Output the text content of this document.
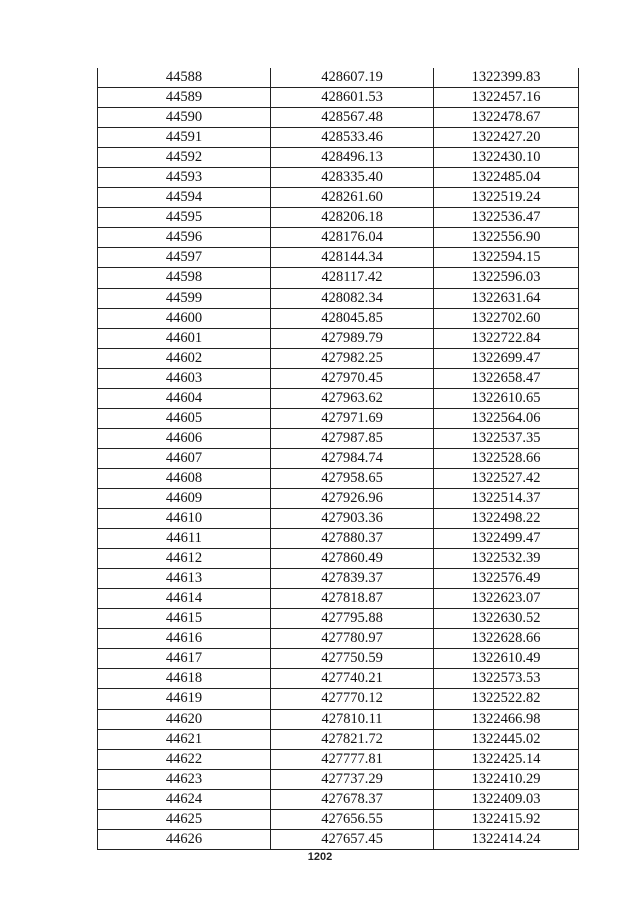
44588	428607.19	1322399.83
44589	428601.53	1322457.16
44590	428567.48	1322478.67
44591	428533.46	1322427.20
44592	428496.13	1322430.10
44593	428335.40	1322485.04
44594	428261.60	1322519.24
44595	428206.18	1322536.47
44596	428176.04	1322556.90
44597	428144.34	1322594.15
44598	428117.42	1322596.03
44599	428082.34	1322631.64
44600	428045.85	1322702.60
44601	427989.79	1322722.84
44602	427982.25	1322699.47
44603	427970.45	1322658.47
44604	427963.62	1322610.65
44605	427971.69	1322564.06
44606	427987.85	1322537.35
44607	427984.74	1322528.66
44608	427958.65	1322527.42
44609	427926.96	1322514.37
44610	427903.36	1322498.22
44611	427880.37	1322499.47
44612	427860.49	1322532.39
44613	427839.37	1322576.49
44614	427818.87	1322623.07
44615	427795.88	1322630.52
44616	427780.97	1322628.66
44617	427750.59	1322610.49
44618	427740.21	1322573.53
44619	427770.12	1322522.82
44620	427810.11	1322466.98
44621	427821.72	1322445.02
44622	427777.81	1322425.14
44623	427737.29	1322410.29
44624	427678.37	1322409.03
44625	427656.55	1322415.92
44626	427657.45	1322414.24
1202
